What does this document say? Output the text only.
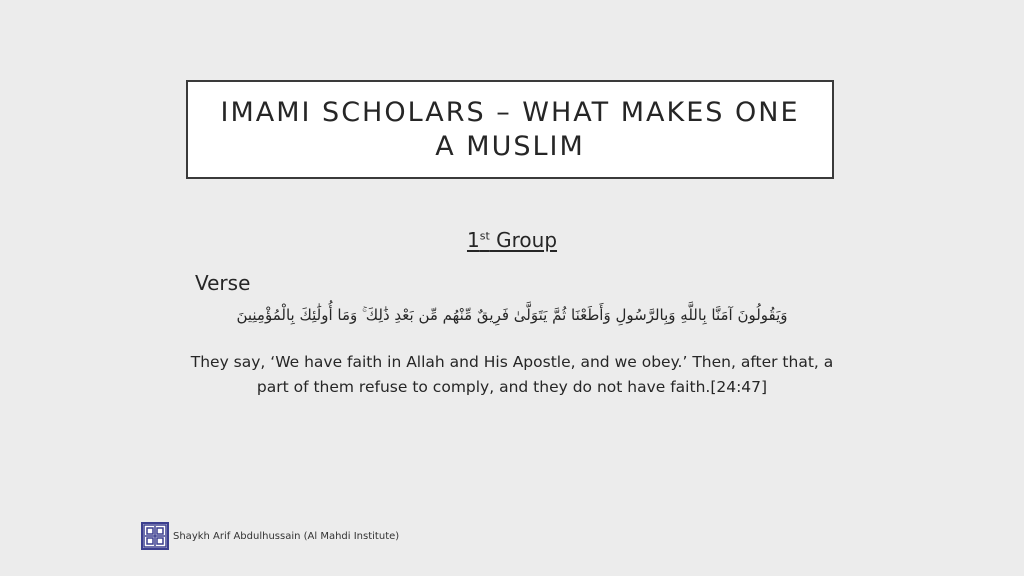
IMAMI SCHOLARS – WHAT MAKES ONE A MUSLIM
1st Group
Verse
وَيَقُولُونَ آمَنَّا بِاللَّهِ وَبِالرَّسُولِ وَأَطَعْنَا ثُمَّ يَتَوَلَّىٰ فَرِيقٌ مِّنْهُم مِّن بَعْدِ ذَٰلِكَ ۚ وَمَا أُولَٰئِكَ بِالْمُؤْمِنِينَ
They say, ‘We have faith in Allah and His Apostle, and we obey.’ Then, after that, a part of them refuse to comply, and they do not have faith.[24:47]
Shaykh Arif Abdulhussain (Al Mahdi Institute)
